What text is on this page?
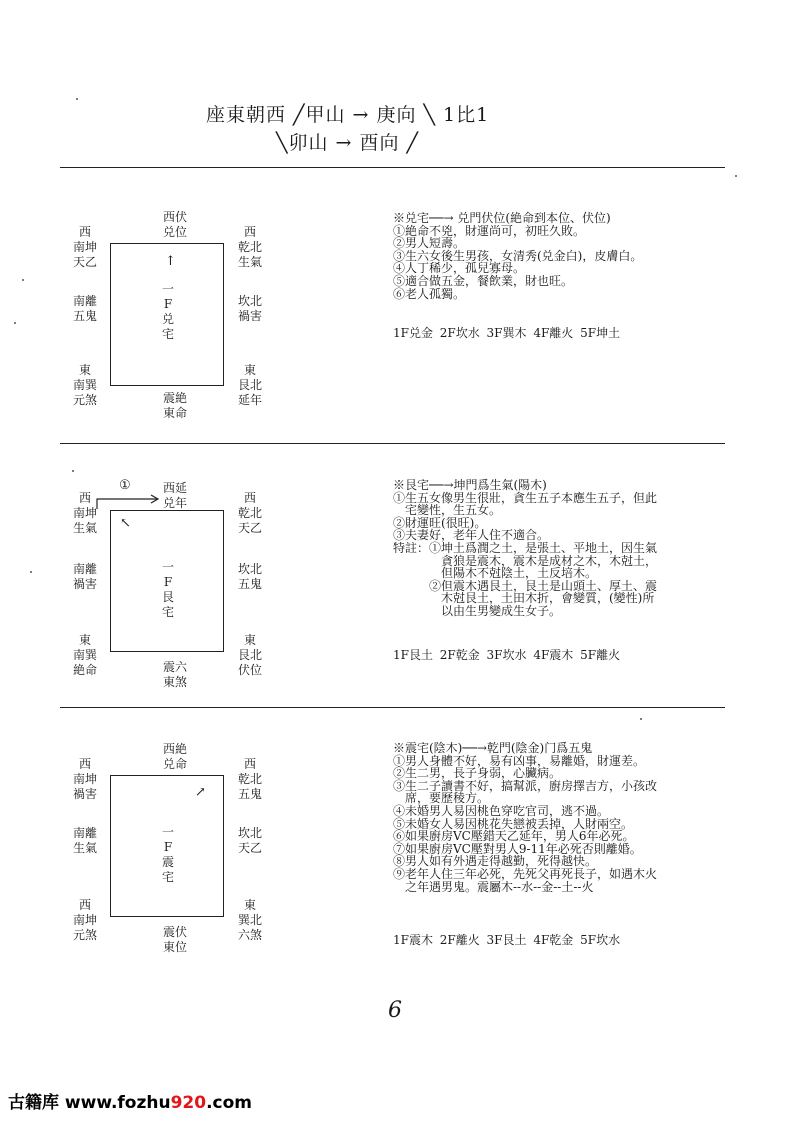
座東朝西 ╱甲山 → 庚向 ╲ 1比1
╲卯山 → 酉向 ╱
西伏
兑位
西
南坤
天乙
西
乾北
生氣
南離
五鬼
坎北
禍害
東
南巽
元煞
東
艮北
延年
震絶
東命
↑
一
F
兑
宅
※兑宅──→ 兑門伏位(絶命到本位、伏位)
①絶命不兇，財運尚可，初旺久敗。
②男人短壽。
③生六女後生男孩，女清秀(兑金白)，皮膚白。
④人丁稀少，孤兒寡母。
⑤適合做五金，餐飲業，財也旺。
⑥老人孤獨。
1F兑金 2F坎水 3F巽木 4F離火 5F坤土
①	西延
兑年
西
南坤
生氣
西
乾北
天乙
南離
禍害
坎北
五鬼
東
南巽
絶命
東
艮北
伏位
震六
東煞
↖
一
F
艮
宅
※艮宅──→坤門爲生氣(陽木)
①生五女像男生很壯，貪生五子本應生五子，但此
　宅變性，生五女。
②財運旺(很旺)。
③夫妻好，老年人住不適合。
特註：①坤土爲潤之土，是張土、平地土，因生氣
　　　　貪狼是震木，震木是成材之木，木尅土，
　　　　但陽木不尅陰土，土反培木。
　　　②但震木遇艮土，艮土是山頭土、厚土、震
　　　　木尅艮土，土田木折，會變質，(變性)所
　　　　以由生男變成生女子。
1F艮土 2F乾金 3F坎水 4F震木 5F離火
西絶
兑命
西
南坤
禍害
西
乾北
五鬼
南離
生氣
坎北
天乙
西
南坤
元煞
東
巽北
六煞
震伏
東位
↗
一
F
震
宅
※震宅(陰木)──→乾門(陰金)门爲五鬼
①男人身體不好，易有凶事，易離婚，財運差。
②生二男，長子身弱，心臟病。
③生二子讀書不好，搞幫派，廚房擇吉方，小孩改
　席，要歷稜方。
④未婚男人易因桃色穿吃官司，逃不過。
⑤未婚女人易因桃花失戀被丢掉，人財兩空。
⑥如果廚房VC壓錯天乙延年，男人6年必死。
⑦如果廚房VC壓對男人9-11年必死否則離婚。
⑧男人如有外遇走得越勤，死得越快。
⑨老年人住三年必死，先死父再死長子，如遇木火
　之年遇男鬼。震屬木--水--金--土--火
1F震木 2F離火 3F艮土 4F乾金 5F坎水
6
古籍库 www.fozhu920.com
